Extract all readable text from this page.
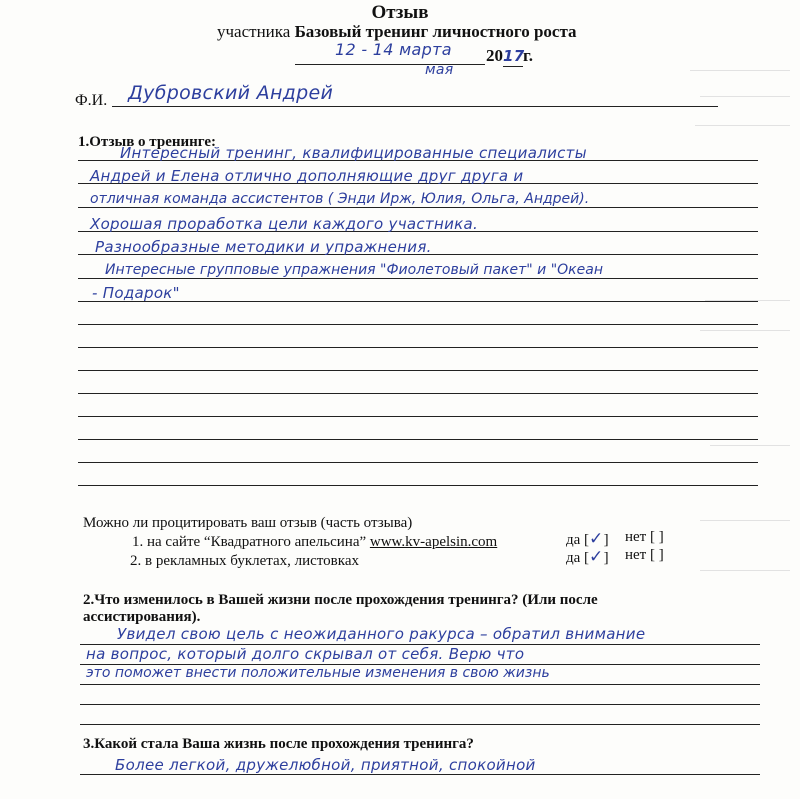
Отзыв
участника Базовый тренинг личностного роста
12 - 14 марта
мая
2017г.
Ф.И. Дубровский Андрей
1.Отзыв о тренинге:
Интересный тренинг, квалифицированные специалисты
Андрей и Елена отлично дополняющие друг друга и
отличная команда ассистентов ( Энди Ирж, Юлия, Ольга, Андрей).
Хорошая проработка цели каждого участника.
Разнообразные методики и упражнения.
Интересные групповые упражнения "Фиолетовый пакет" и "Океан
- Подарок"
Можно ли процитировать ваш отзыв (часть отзыва)
1. на сайте “Квадратного апельсина” www.kv-apelsin.com
2. в рекламных буклетах, листовках
да [✓] нет [ ]
да [✓] нет [ ]
2.Что изменилось в Вашей жизни после прохождения тренинга? (Или после
ассистирования).
Увидел свою цель с неожиданного ракурса – обратил внимание
на вопрос, который долго скрывал от себя. Верю что
это поможет внести положительные изменения в свою жизнь
3.Какой стала Ваша жизнь после прохождения тренинга?
Более легкой, дружелюбной, приятной, спокойной
